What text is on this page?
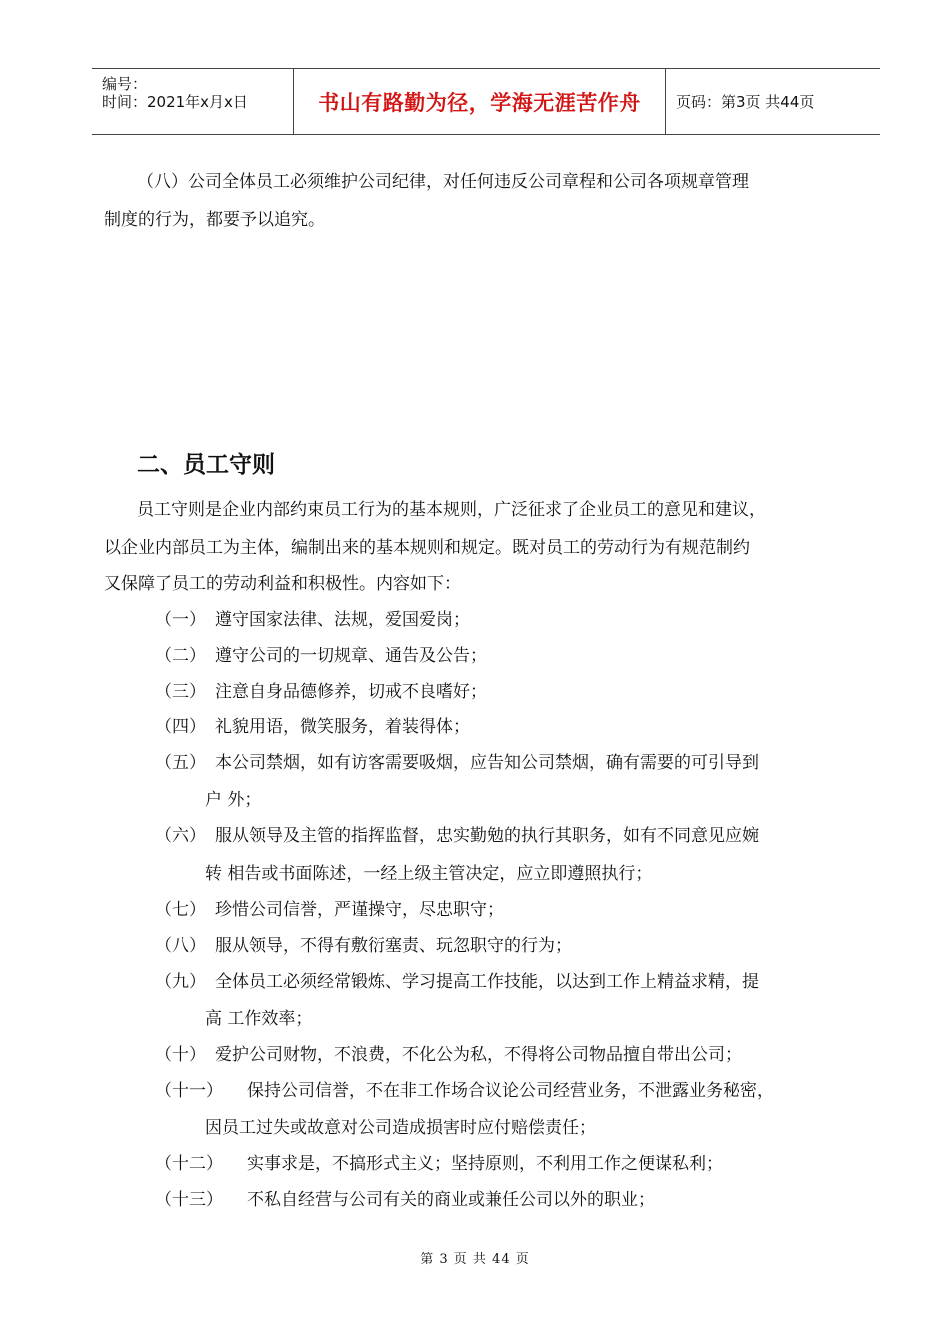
编号：
时间：2021年x月x日	书山有路勤为径，学海无涯苦作舟 页码：第3页 共44页
（八）公司全体员工必须维护公司纪律，对任何违反公司章程和公司各项规章管理
制度的行为，都要予以追究。
二、员工守则
员工守则是企业内部约束员工行为的基本规则，广泛征求了企业员工的意见和建议，
以企业内部员工为主体，编制出来的基本规则和规定。既对员工的劳动行为有规范制约
又保障了员工的劳动利益和积极性。内容如下：
（一） 遵守国家法律、法规，爱国爱岗；
（二） 遵守公司的一切规章、通告及公告；
（三） 注意自身品德修养，切戒不良嗜好；
（四） 礼貌用语，微笑服务，着装得体；
（五） 本公司禁烟，如有访客需要吸烟，应告知公司禁烟，确有需要的可引导到
户 外；
（六） 服从领导及主管的指挥监督，忠实勤勉的执行其职务，如有不同意见应婉
转 相告或书面陈述，一经上级主管决定，应立即遵照执行；
（七） 珍惜公司信誉，严谨操守，尽忠职守；
（八） 服从领导，不得有敷衍塞责、玩忽职守的行为；
（九） 全体员工必须经常锻炼、学习提高工作技能，以达到工作上精益求精，提
高 工作效率；
（十） 爱护公司财物，不浪费，不化公为私，不得将公司物品擅自带出公司；
（十一） 保持公司信誉，不在非工作场合议论公司经营业务，不泄露业务秘密，
因员工过失或故意对公司造成损害时应付赔偿责任；
（十二） 实事求是，不搞形式主义；坚持原则，不利用工作之便谋私利；
（十三） 不私自经营与公司有关的商业或兼任公司以外的职业；
第 3 页 共 44 页
